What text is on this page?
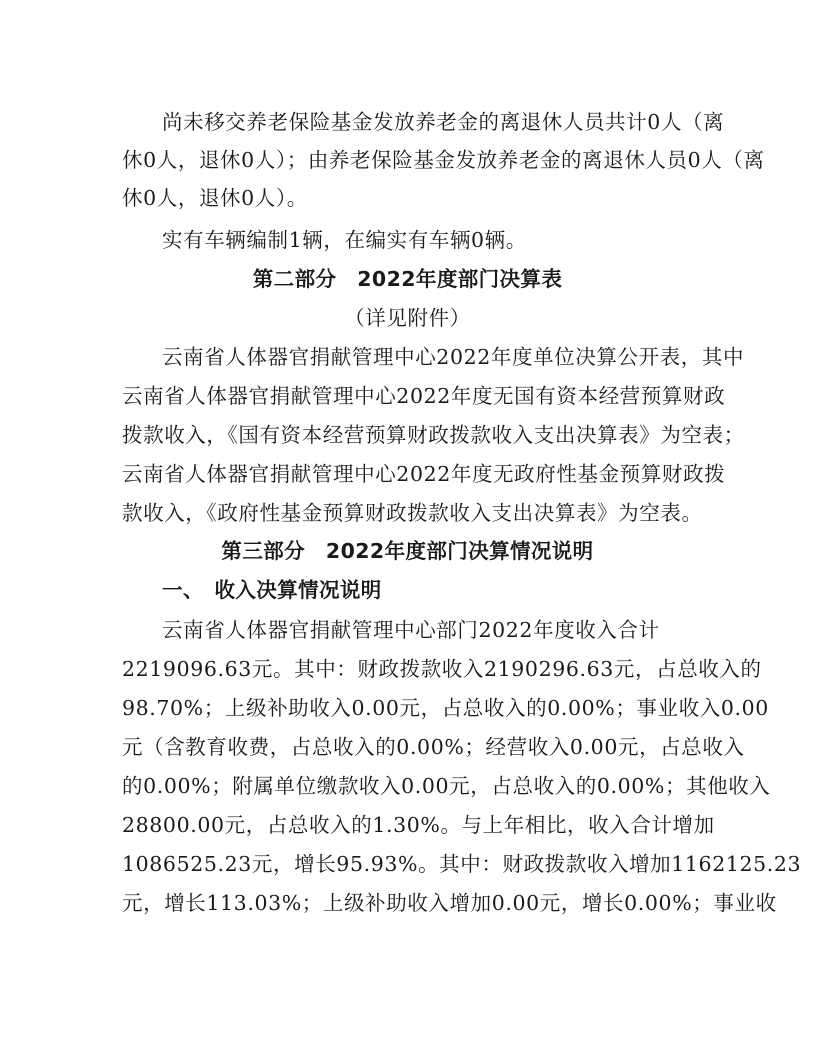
尚未移交养老保险基金发放养老金的离退休人员共计0人（离
休0人，退休0人）；由养老保险基金发放养老金的离退休人员0人（离
休0人，退休0人）。
实有车辆编制1辆，在编实有车辆0辆。
第二部分　2022年度部门决算表
（详见附件）
云南省人体器官捐献管理中心2022年度单位决算公开表，其中
云南省人体器官捐献管理中心2022年度无国有资本经营预算财政
拨款收入，《国有资本经营预算财政拨款收入支出决算表》为空表；
云南省人体器官捐献管理中心2022年度无政府性基金预算财政拨
款收入，《政府性基金预算财政拨款收入支出决算表》为空表。
第三部分　2022年度部门决算情况说明
一、　收入决算情况说明
云南省人体器官捐献管理中心部门2022年度收入合计
2219096.63元。其中：财政拨款收入2190296.63元，占总收入的
98.70%；上级补助收入0.00元，占总收入的0.00%；事业收入0.00
元（含教育收费，占总收入的0.00%；经营收入0.00元，占总收入
的0.00%；附属单位缴款收入0.00元，占总收入的0.00%；其他收入
28800.00元，占总收入的1.30%。与上年相比，收入合计增加
1086525.23元，增长95.93%。其中：财政拨款收入增加1162125.23
元，增长113.03%；上级补助收入增加0.00元，增长0.00%；事业收
